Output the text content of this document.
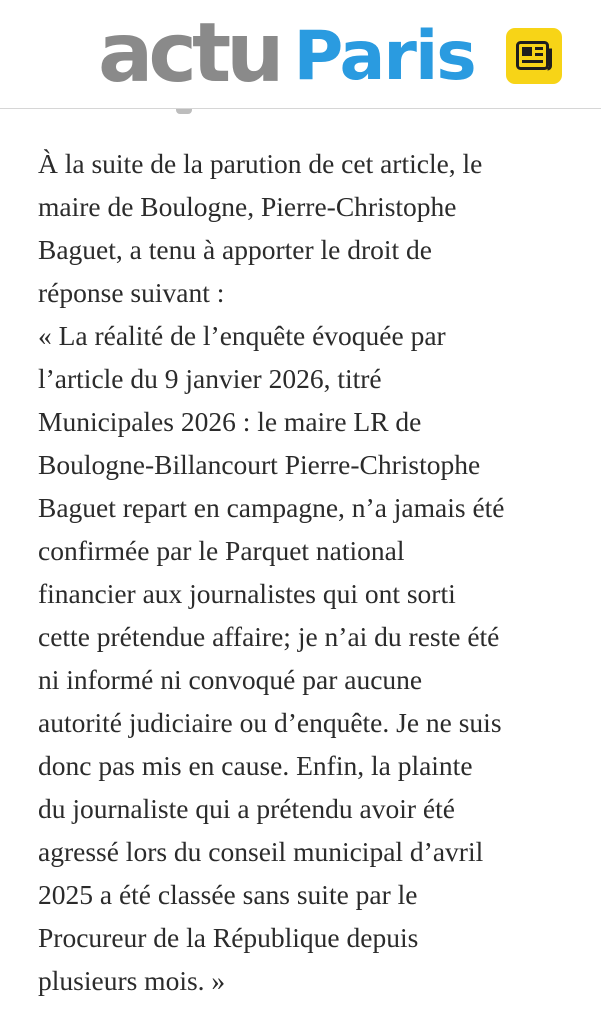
actu Paris
À la suite de la parution de cet article, le
maire de Boulogne, Pierre-Christophe
Baguet, a tenu à apporter le droit de
réponse suivant :
« La réalité de l’enquête évoquée par
l’article du 9 janvier 2026, titré
Municipales 2026 : le maire LR de
Boulogne-Billancourt Pierre-Christophe
Baguet repart en campagne, n’a jamais été
confirmée par le Parquet national
financier aux journalistes qui ont sorti
cette prétendue affaire; je n’ai du reste été
ni informé ni convoqué par aucune
autorité judiciaire ou d’enquête. Je ne suis
donc pas mis en cause. Enfin, la plainte
du journaliste qui a prétendu avoir été
agressé lors du conseil municipal d’avril
2025 a été classée sans suite par le
Procureur de la République depuis
plusieurs mois. »
